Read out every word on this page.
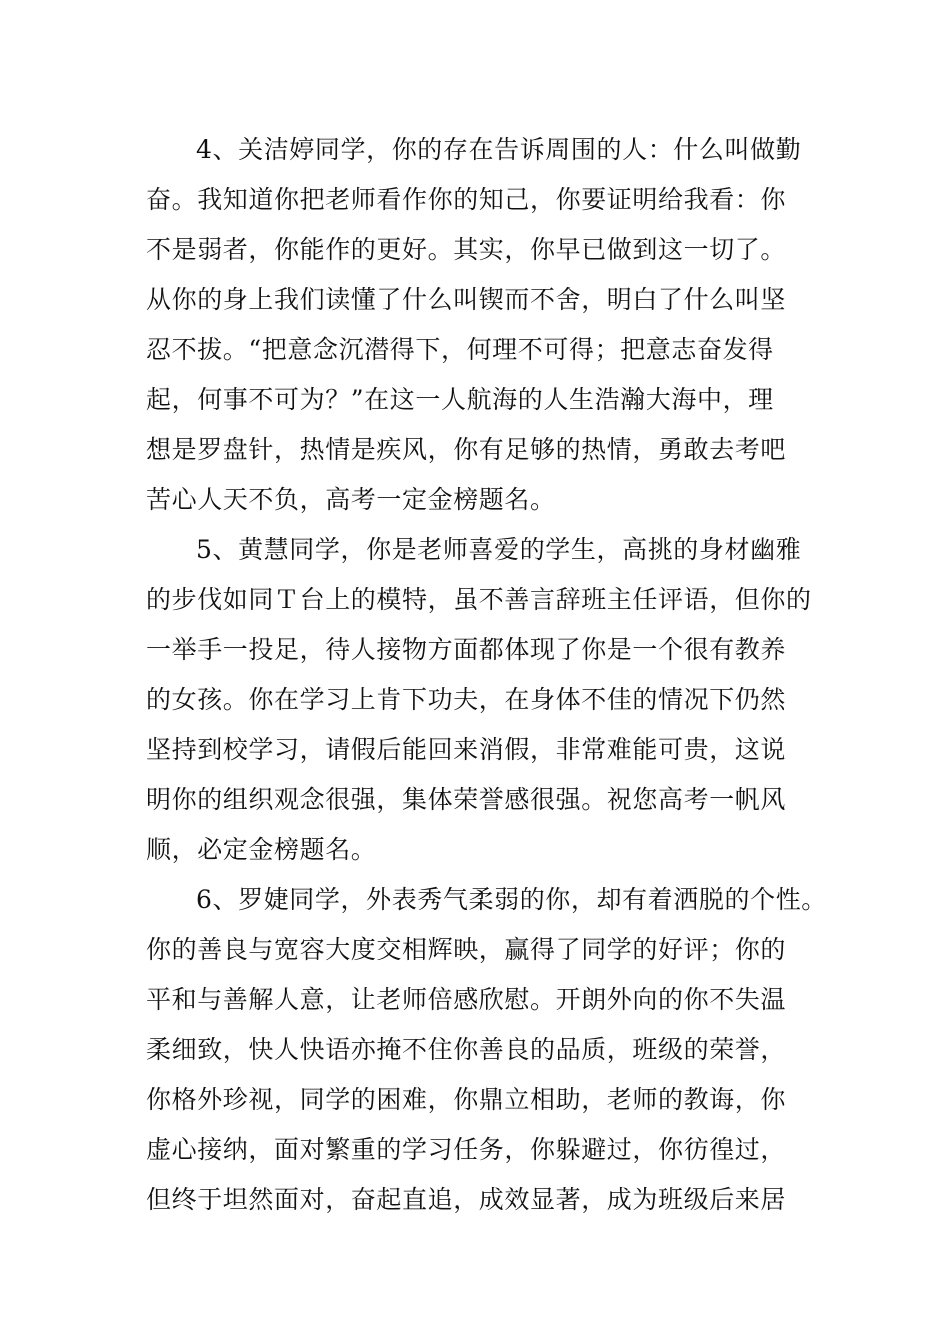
4、关洁婷同学，你的存在告诉周围的人：什么叫做勤
奋。我知道你把老师看作你的知己，你要证明给我看：你
不是弱者，你能作的更好。其实，你早已做到这一切了。
从你的身上我们读懂了什么叫锲而不舍，明白了什么叫坚
忍不拔。“把意念沉潜得下，何理不可得；把意志奋发得
起，何事不可为？”在这一人航海的人生浩瀚大海中，理
想是罗盘针，热情是疾风，你有足够的热情，勇敢去考吧
苦心人天不负，高考一定金榜题名。
5、黄慧同学，你是老师喜爱的学生，高挑的身材幽雅
的步伐如同Ｔ台上的模特，虽不善言辞班主任评语，但你的
一举手一投足，待人接物方面都体现了你是一个很有教养
的女孩。你在学习上肯下功夫，在身体不佳的情况下仍然
坚持到校学习，请假后能回来消假，非常难能可贵，这说
明你的组织观念很强，集体荣誉感很强。祝您高考一帆风
顺，必定金榜题名。
6、罗婕同学，外表秀气柔弱的你，却有着洒脱的个性。
你的善良与宽容大度交相辉映，赢得了同学的好评；你的
平和与善解人意，让老师倍感欣慰。开朗外向的你不失温
柔细致，快人快语亦掩不住你善良的品质，班级的荣誉，
你格外珍视，同学的困难，你鼎立相助，老师的教诲，你
虚心接纳，面对繁重的学习任务，你躲避过，你彷徨过，
但终于坦然面对，奋起直追，成效显著，成为班级后来居
